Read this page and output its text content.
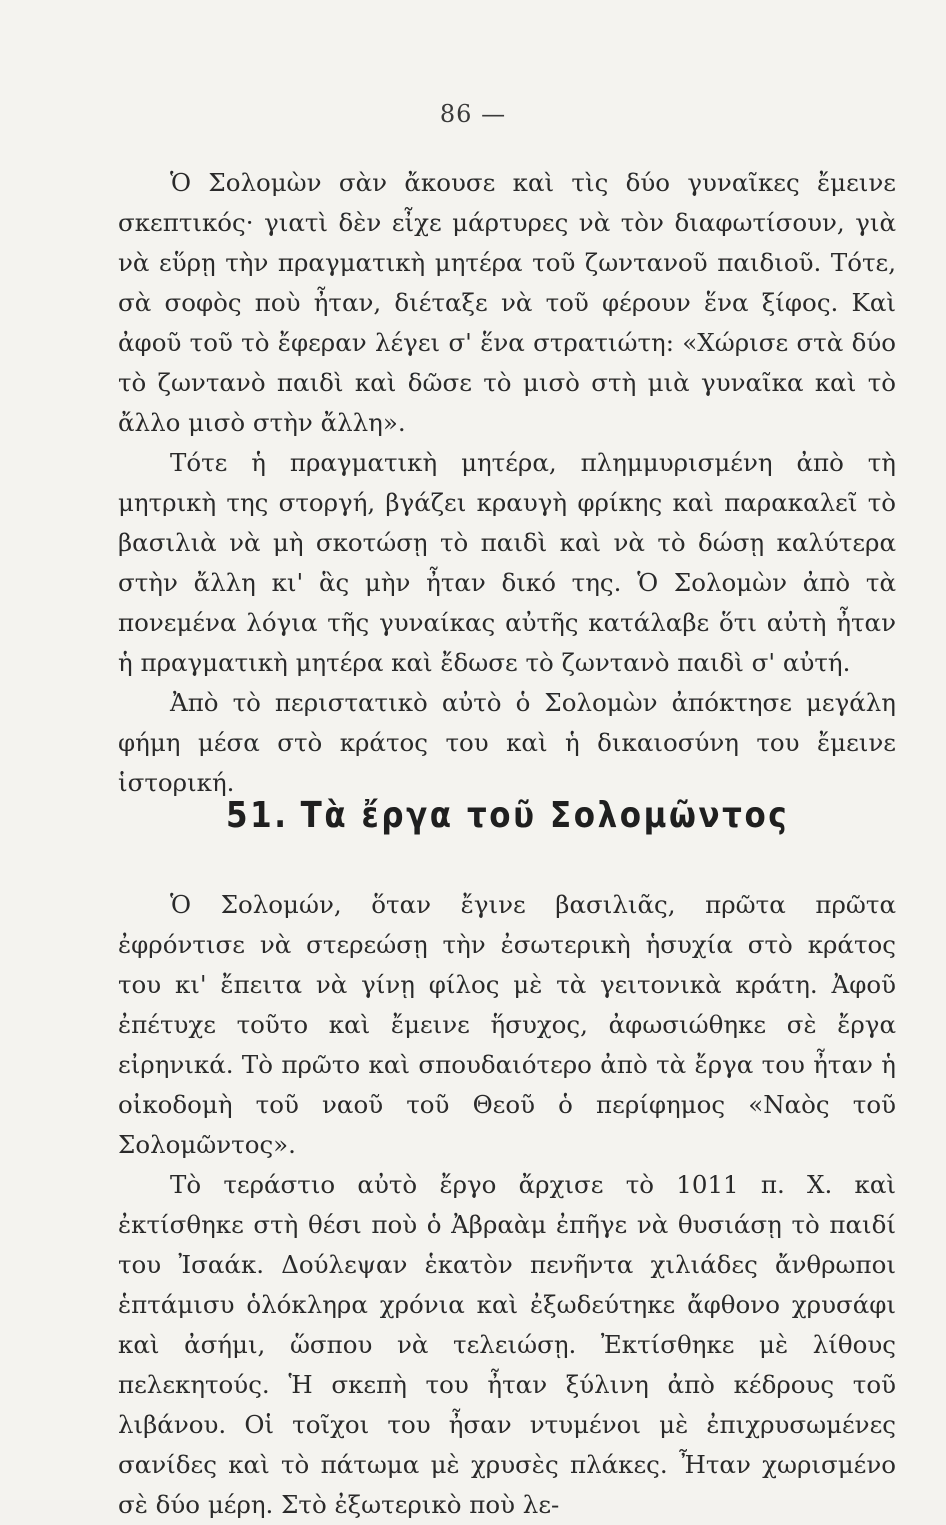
86 —

Ὁ Σολομὼν σὰν ἄκουσε καὶ τὶς δύο γυναῖκες ἔμεινε σκεπτικός· γιατὶ δὲν εἶχε μάρτυρες νὰ τὸν διαφωτίσουν, γιὰ νὰ εὕρῃ τὴν πραγματικὴ μητέρα τοῦ ζωντανοῦ παιδιοῦ. Τότε, σὰ σοφὸς ποὺ ἦταν, διέταξε νὰ τοῦ φέρουν ἕνα ξίφος. Καὶ ἀφοῦ τοῦ τὸ ἔφεραν λέγει σ' ἕνα στρατιώτη: «Χώρισε στὰ δύο τὸ ζωντανὸ παιδὶ καὶ δῶσε τὸ μισὸ στὴ μιὰ γυναῖκα καὶ τὸ ἄλλο μισὸ στὴν ἄλλη».

Τότε ἡ πραγματικὴ μητέρα, πλημμυρισμένη ἀπὸ τὴ μητρικὴ της στοργή, βγάζει κραυγὴ φρίκης καὶ παρακαλεῖ τὸ βασιλιὰ νὰ μὴ σκοτώσῃ τὸ παιδὶ καὶ νὰ τὸ δώσῃ καλύτερα στὴν ἄλλη κι' ἃς μὴν ἦταν δικό της. Ὁ Σολομὼν ἀπὸ τὰ πονεμένα λόγια τῆς γυναίκας αὐτῆς κατάλαβε ὅτι αὐτὴ ἦταν ἡ πραγματικὴ μητέρα καὶ ἔδωσε τὸ ζωντανὸ παιδὶ σ' αὐτή.

Ἀπὸ τὸ περιστατικὸ αὐτὸ ὁ Σολομὼν ἀπόκτησε μεγάλη φήμη μέσα στὸ κράτος του καὶ ἡ δικαιοσύνη του ἔμεινε ἱστορική.

51. Τὰ ἔργα τοῦ Σολομῶντος

Ὁ Σολομών, ὅταν ἔγινε βασιλιᾶς, πρῶτα πρῶτα ἐφρόντισε νὰ στερεώσῃ τὴν ἐσωτερικὴ ἡσυχία στὸ κράτος του κι' ἔπειτα νὰ γίνῃ φίλος μὲ τὰ γειτονικὰ κράτη. Ἀφοῦ ἐπέτυχε τοῦτο καὶ ἔμεινε ἥσυχος, ἀφωσιώθηκε σὲ ἔργα εἰρηνικά. Τὸ πρῶτο καὶ σπουδαιότερο ἀπὸ τὰ ἔργα του ἦταν ἡ οἰκοδομὴ τοῦ ναοῦ τοῦ Θεοῦ ὁ περίφημος «Ναὸς τοῦ Σολομῶντος».

Τὸ τεράστιο αὐτὸ ἔργο ἄρχισε τὸ 1011 π. Χ. καὶ ἐκτίσθηκε στὴ θέσι ποὺ ὁ Ἀβραὰμ ἐπῆγε νὰ θυσιάσῃ τὸ παιδί του Ἰσαάκ. Δούλεψαν ἑκατὸν πενῆντα χιλιάδες ἄνθρωποι ἑπτάμισυ ὁλόκληρα χρόνια καὶ ἐξωδεύτηκε ἄφθονο χρυσάφι καὶ ἀσήμι, ὥσπου νὰ τελειώσῃ. Ἐκτίσθηκε μὲ λίθους πελεκητούς. Ἡ σκεπὴ του ἦταν ξύλινη ἀπὸ κέδρους τοῦ λιβάνου. Οἱ τοῖχοι του ἦσαν ντυμένοι μὲ ἐπιχρυσωμένες σανίδες καὶ τὸ πάτωμα μὲ χρυσὲς πλάκες. Ἦταν χωρισμένο σὲ δύο μέρη. Στὸ ἐξωτερικὸ ποὺ λε-
